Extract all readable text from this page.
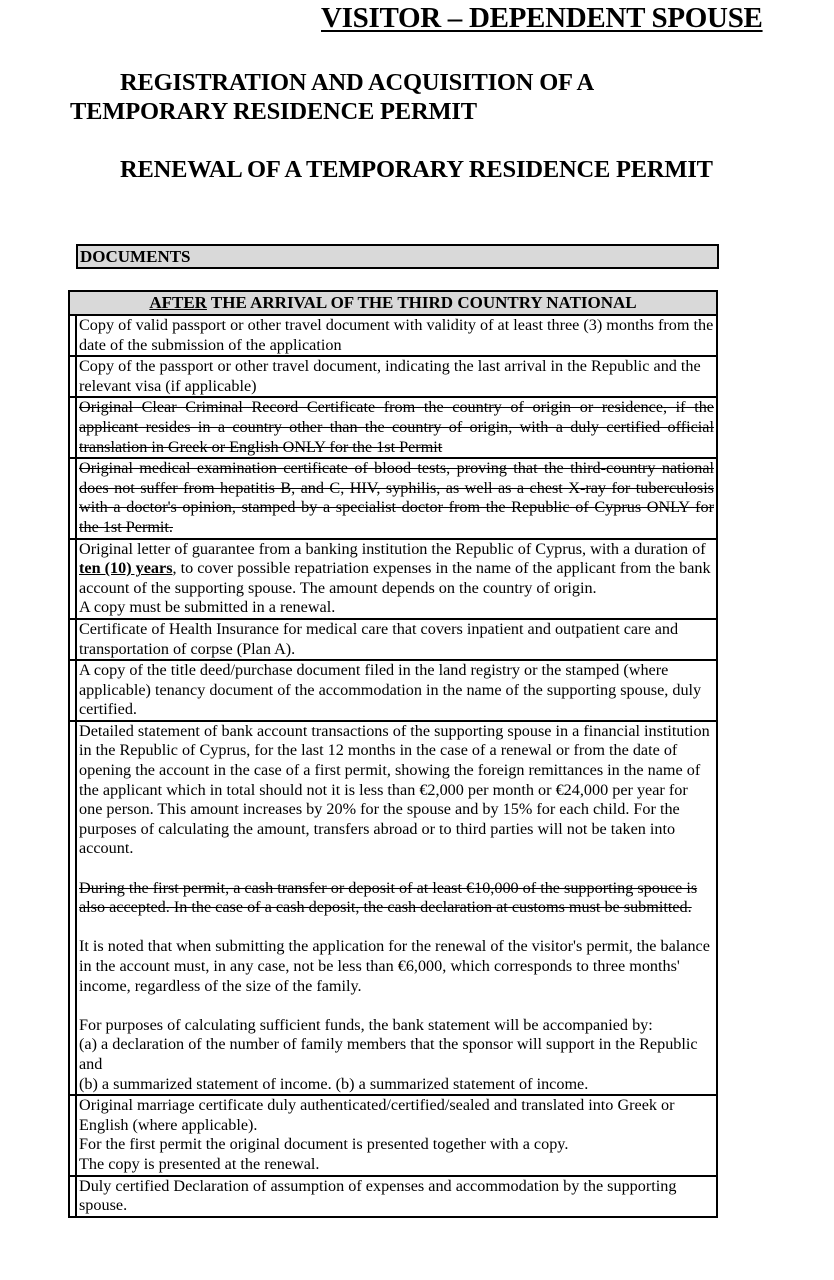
VISITOR – DEPENDENT SPOUSE
REGISTRATION AND ACQUISITION OF A TEMPORARY RESIDENCE PERMIT
RENEWAL OF A TEMPORARY RESIDENCE PERMIT
DOCUMENTS
AFTER THE ARRIVAL OF THE THIRD COUNTRY NATIONAL	
	Copy of valid passport or other travel document with validity of at least three (3) months from the date of the submission of the application
	Copy of the passport or other travel document, indicating the last arrival in the Republic and the relevant visa (if applicable)
	Original Clear Criminal Record Certificate from the country of origin or residence, if the applicant resides in a country other than the country of origin, with a duly certified official translation in Greek or English ONLY for the 1st Permit
	Original medical examination certificate of blood tests, proving that the third-country national does not suffer from hepatitis B, and C, HIV, syphilis, as well as a chest X-ray for tuberculosis with a doctor's opinion, stamped by a specialist doctor from the Republic of Cyprus ONLY for the 1st Permit.
	Original letter of guarantee from a banking institution the Republic of Cyprus, with a duration of ten (10) years, to cover possible repatriation expenses in the name of the applicant from the bank account of the supporting spouse. The amount depends on the country of origin.
A copy must be submitted in a renewal.

	Certificate of Health Insurance for medical care that covers inpatient and outpatient care and transportation of corpse (Plan A).
	A copy of the title deed/purchase document filed in the land registry or the stamped (where applicable) tenancy document of the accommodation in the name of the supporting spouse, duly certified.

Detailed statement of bank account transactions of the supporting spouse in a financial institution in the Republic of Cyprus, for the last 12 months in the case of a renewal or from the date of opening the account in the case of a first permit, showing the foreign remittances in the name of the applicant which in total should not it is less than €2,000 per month or €24,000 per year for one person. This amount increases by 20% for the spouse and by 15% for each child. For the purposes of calculating the amount, transfers abroad or to third parties will not be taken into account.
During the first permit, a cash transfer or deposit of at least €10,000 of the supporting spouce is also accepted. In the case of a cash deposit, the cash declaration at customs must be submitted.
It is noted that when submitting the application for the renewal of the visitor's permit, the balance in the account must, in any case, not be less than €6,000, which corresponds to three months' income, regardless of the size of the family.
For purposes of calculating sufficient funds, the bank statement will be accompanied by:
(a) a declaration of the number of family members that the sponsor will support in the Republic and
(b) a summarized statement of income. (b) a summarized statement of income.

	Original marriage certificate duly authenticated/certified/sealed and translated into Greek or English (where applicable).
For the first permit the original document is presented together with a copy.
The copy is presented at the renewal.

	Duly certified Declaration of assumption of expenses and accommodation by the supporting spouse.
